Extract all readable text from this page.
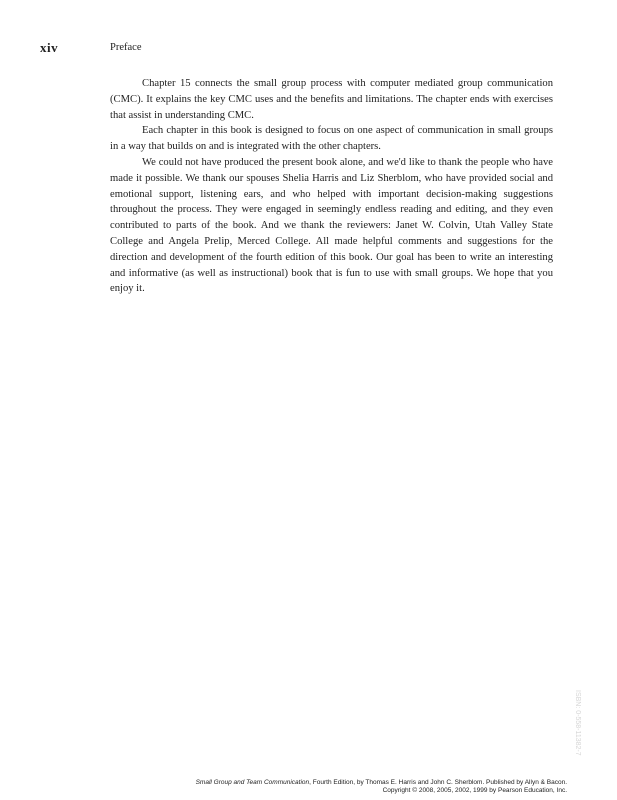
xiv	Preface

Chapter 15 connects the small group process with computer mediated group communication (CMC). It explains the key CMC uses and the benefits and limitations. The chapter ends with exercises that assist in understanding CMC.

Each chapter in this book is designed to focus on one aspect of communication in small groups in a way that builds on and is integrated with the other chapters.

We could not have produced the present book alone, and we'd like to thank the people who have made it possible. We thank our spouses Shelia Harris and Liz Sherblom, who have provided social and emotional support, listening ears, and who helped with important decision-making suggestions throughout the process. They were engaged in seemingly endless reading and editing, and they even contributed to parts of the book. And we thank the reviewers: Janet W. Colvin, Utah Valley State College and Angela Prelip, Merced College. All made helpful comments and suggestions for the direction and development of the fourth edition of this book. Our goal has been to write an interesting and informative (as well as instructional) book that is fun to use with small groups. We hope that you enjoy it.

ISBN: 0-558-11382-7
Small Group and Team Communication, Fourth Edition, by Thomas E. Harris and John C. Sherblom. Published by Allyn & Bacon.
Copyright © 2008, 2005, 2002, 1999 by Pearson Education, Inc.
